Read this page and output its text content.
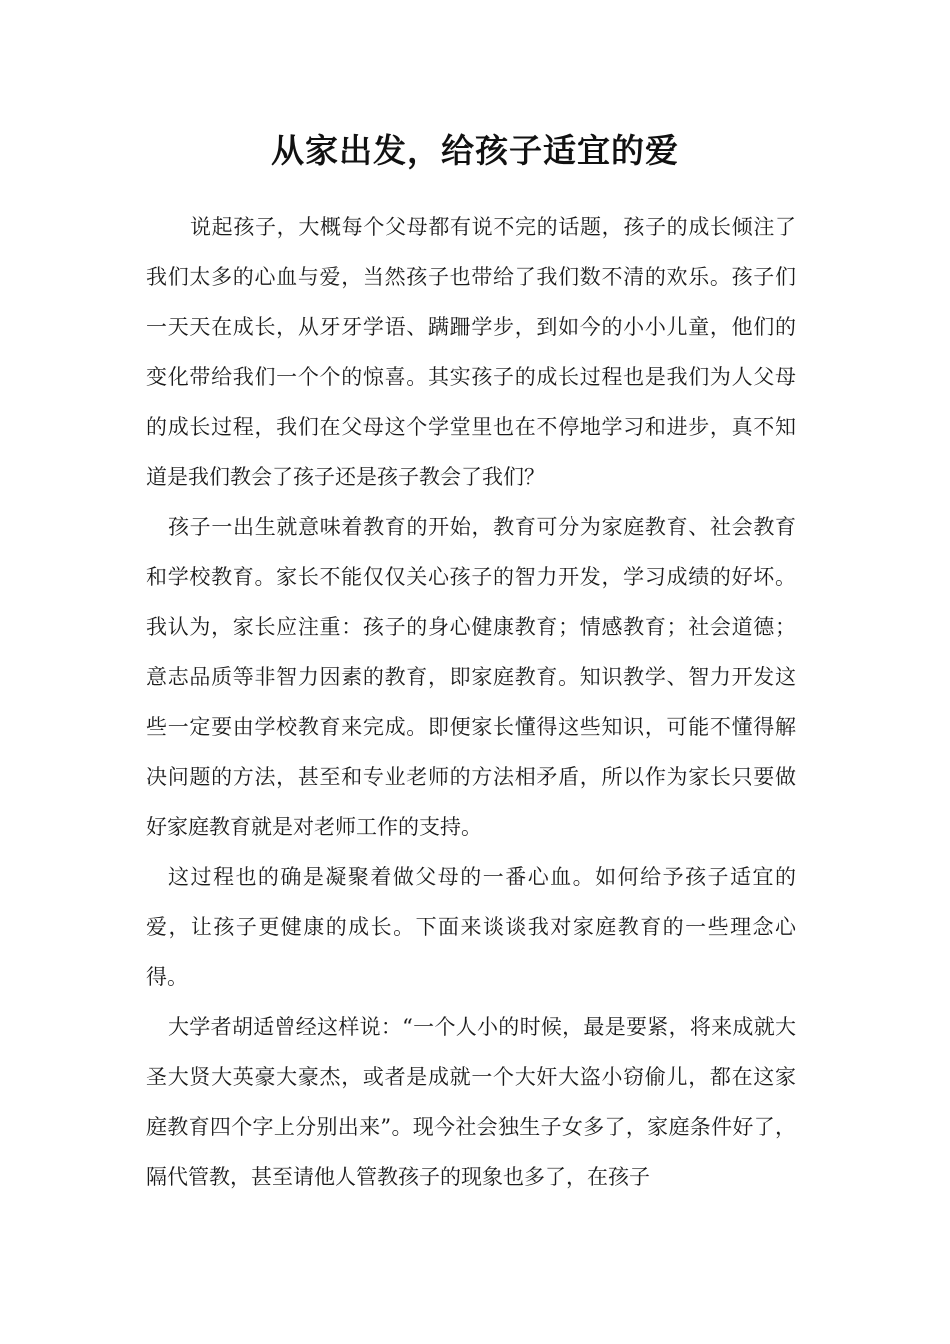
从家出发，给孩子适宜的爱

说起孩子，大概每个父母都有说不完的话题，孩子的成长倾注了我们太多的心血与爱，当然孩子也带给了我们数不清的欢乐。孩子们一天天在成长，从牙牙学语、蹒跚学步，到如今的小小儿童，他们的变化带给我们一个个的惊喜。其实孩子的成长过程也是我们为人父母的成长过程，我们在父母这个学堂里也在不停地学习和进步，真不知道是我们教会了孩子还是孩子教会了我们？

孩子一出生就意味着教育的开始，教育可分为家庭教育、社会教育和学校教育。家长不能仅仅关心孩子的智力开发，学习成绩的好坏。我认为，家长应注重：孩子的身心健康教育；情感教育；社会道德；意志品质等非智力因素的教育，即家庭教育。知识教学、智力开发这些一定要由学校教育来完成。即便家长懂得这些知识，可能不懂得解决问题的方法，甚至和专业老师的方法相矛盾，所以作为家长只要做好家庭教育就是对老师工作的支持。

这过程也的确是凝聚着做父母的一番心血。如何给予孩子适宜的爱，让孩子更健康的成长。下面来谈谈我对家庭教育的一些理念心得。

大学者胡适曾经这样说：“一个人小的时候，最是要紧，将来成就大圣大贤大英豪大豪杰，或者是成就一个大奸大盗小窃偷儿，都在这家庭教育四个字上分别出来”。现今社会独生子女多了，家庭条件好了，隔代管教，甚至请他人管教孩子的现象也多了，在孩子
